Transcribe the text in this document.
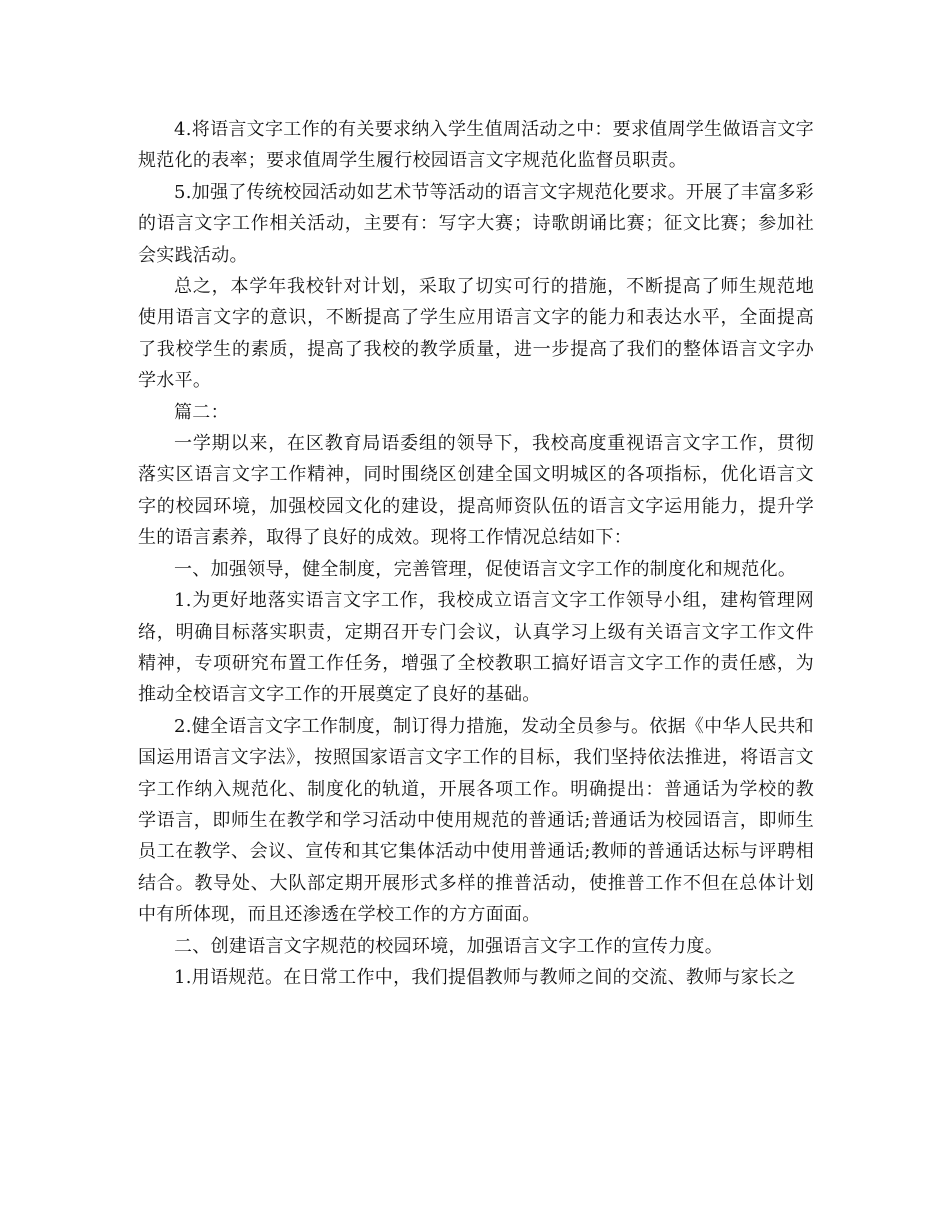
4.将语言文字工作的有关要求纳入学生值周活动之中：要求值周学生做语言文字规范化的表率；要求值周学生履行校园语言文字规范化监督员职责。

5.加强了传统校园活动如艺术节等活动的语言文字规范化要求。开展了丰富多彩的语言文字工作相关活动，主要有：写字大赛；诗歌朗诵比赛；征文比赛；参加社会实践活动。

总之，本学年我校针对计划，采取了切实可行的措施，不断提高了师生规范地使用语言文字的意识，不断提高了学生应用语言文字的能力和表达水平，全面提高了我校学生的素质，提高了我校的教学质量，进一步提高了我们的整体语言文字办学水平。

篇二：

一学期以来，在区教育局语委组的领导下，我校高度重视语言文字工作，贯彻落实区语言文字工作精神，同时围绕区创建全国文明城区的各项指标，优化语言文字的校园环境，加强校园文化的建设，提高师资队伍的语言文字运用能力，提升学生的语言素养，取得了良好的成效。现将工作情况总结如下：

一、加强领导，健全制度，完善管理，促使语言文字工作的制度化和规范化。

1.为更好地落实语言文字工作，我校成立语言文字工作领导小组，建构管理网络，明确目标落实职责，定期召开专门会议，认真学习上级有关语言文字工作文件精神，专项研究布置工作任务，增强了全校教职工搞好语言文字工作的责任感，为推动全校语言文字工作的开展奠定了良好的基础。

2.健全语言文字工作制度，制订得力措施，发动全员参与。依据《中华人民共和国运用语言文字法》，按照国家语言文字工作的目标，我们坚持依法推进，将语言文字工作纳入规范化、制度化的轨道，开展各项工作。明确提出：普通话为学校的教学语言，即师生在教学和学习活动中使用规范的普通话;普通话为校园语言，即师生员工在教学、会议、宣传和其它集体活动中使用普通话;教师的普通话达标与评聘相结合。教导处、大队部定期开展形式多样的推普活动，使推普工作不但在总体计划中有所体现，而且还渗透在学校工作的方方面面。

二、创建语言文字规范的校园环境，加强语言文字工作的宣传力度。

1.用语规范。在日常工作中，我们提倡教师与教师之间的交流、教师与家长之
